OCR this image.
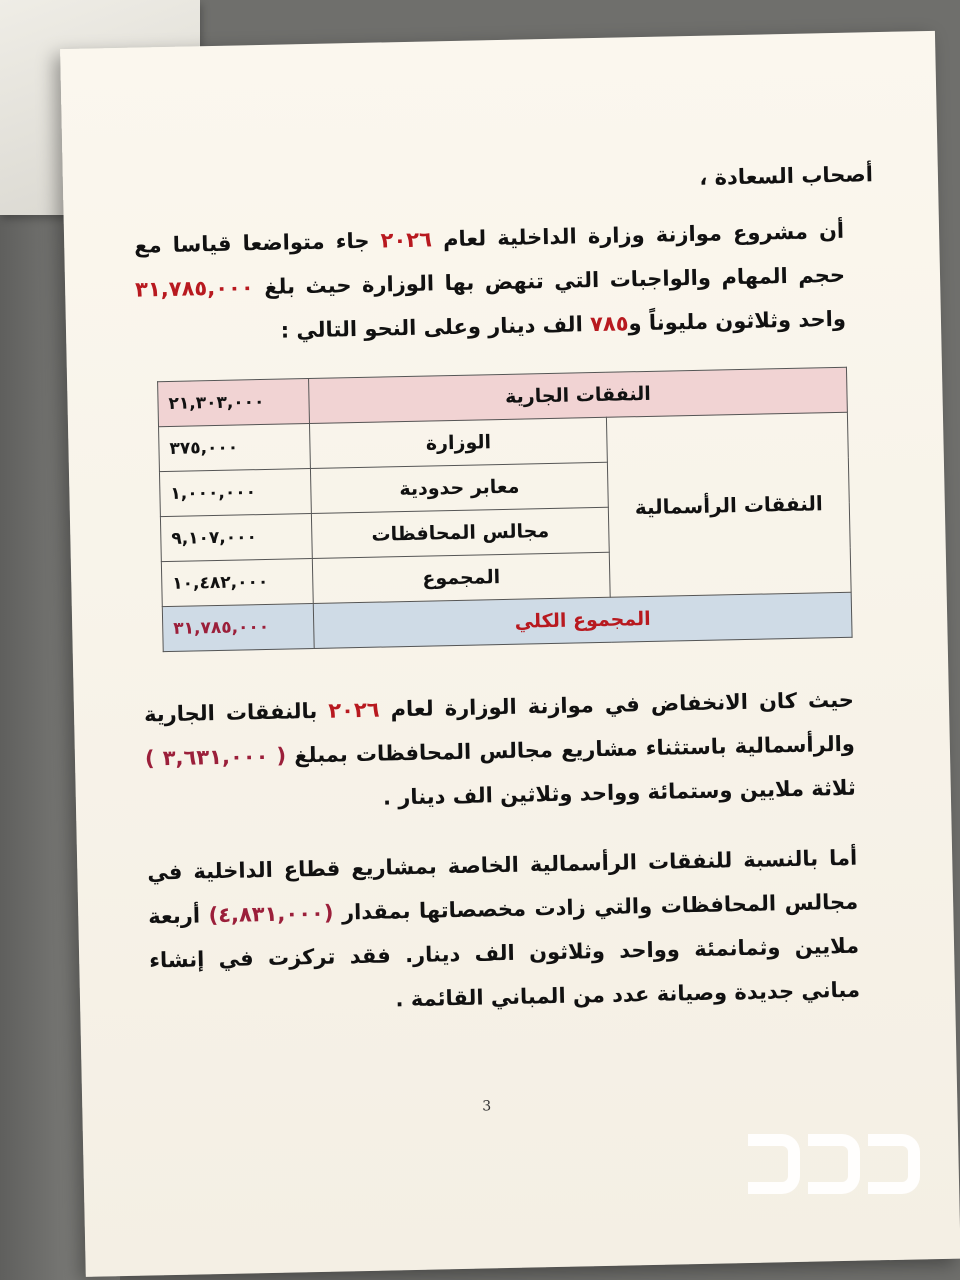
أصحاب السعادة ،

أن مشروع موازنة وزارة الداخلية لعام ٢٠٢٦ جاء متواضعا قياسا مع حجم المهام والواجبات التي تنهض بها الوزارة حيث بلغ ٣١,٧٨٥,٠٠٠ واحد وثلاثون مليوناً و٧٨٥ الف دينار وعلى النحو التالي :

النفقات الجارية		٢١,٣٠٣,٠٠٠
النفقات الرأسمالية	الوزارة	٣٧٥,٠٠٠
	معابر حدودية	١,٠٠٠,٠٠٠
	مجالس المحافظات	٩,١٠٧,٠٠٠
	المجموع	١٠,٤٨٢,٠٠٠
المجموع الكلي		٣١,٧٨٥,٠٠٠

حيث كان الانخفاض في موازنة الوزارة لعام ٢٠٢٦ بالنفقات الجارية والرأسمالية باستثناء مشاريع مجالس المحافظات بمبلغ ( ٣,٦٣١,٠٠٠ ) ثلاثة ملايين وستمائة وواحد وثلاثين الف دينار .

أما بالنسبة للنفقات الرأسمالية الخاصة بمشاريع قطاع الداخلية في مجالس المحافظات والتي زادت مخصصاتها بمقدار (٤,٨٣١,٠٠٠) أربعة ملايين وثمانمئة وواحد وثلاثون الف دينار. فقد تركزت في إنشاء مباني جديدة وصيانة عدد من المباني القائمة .

3
